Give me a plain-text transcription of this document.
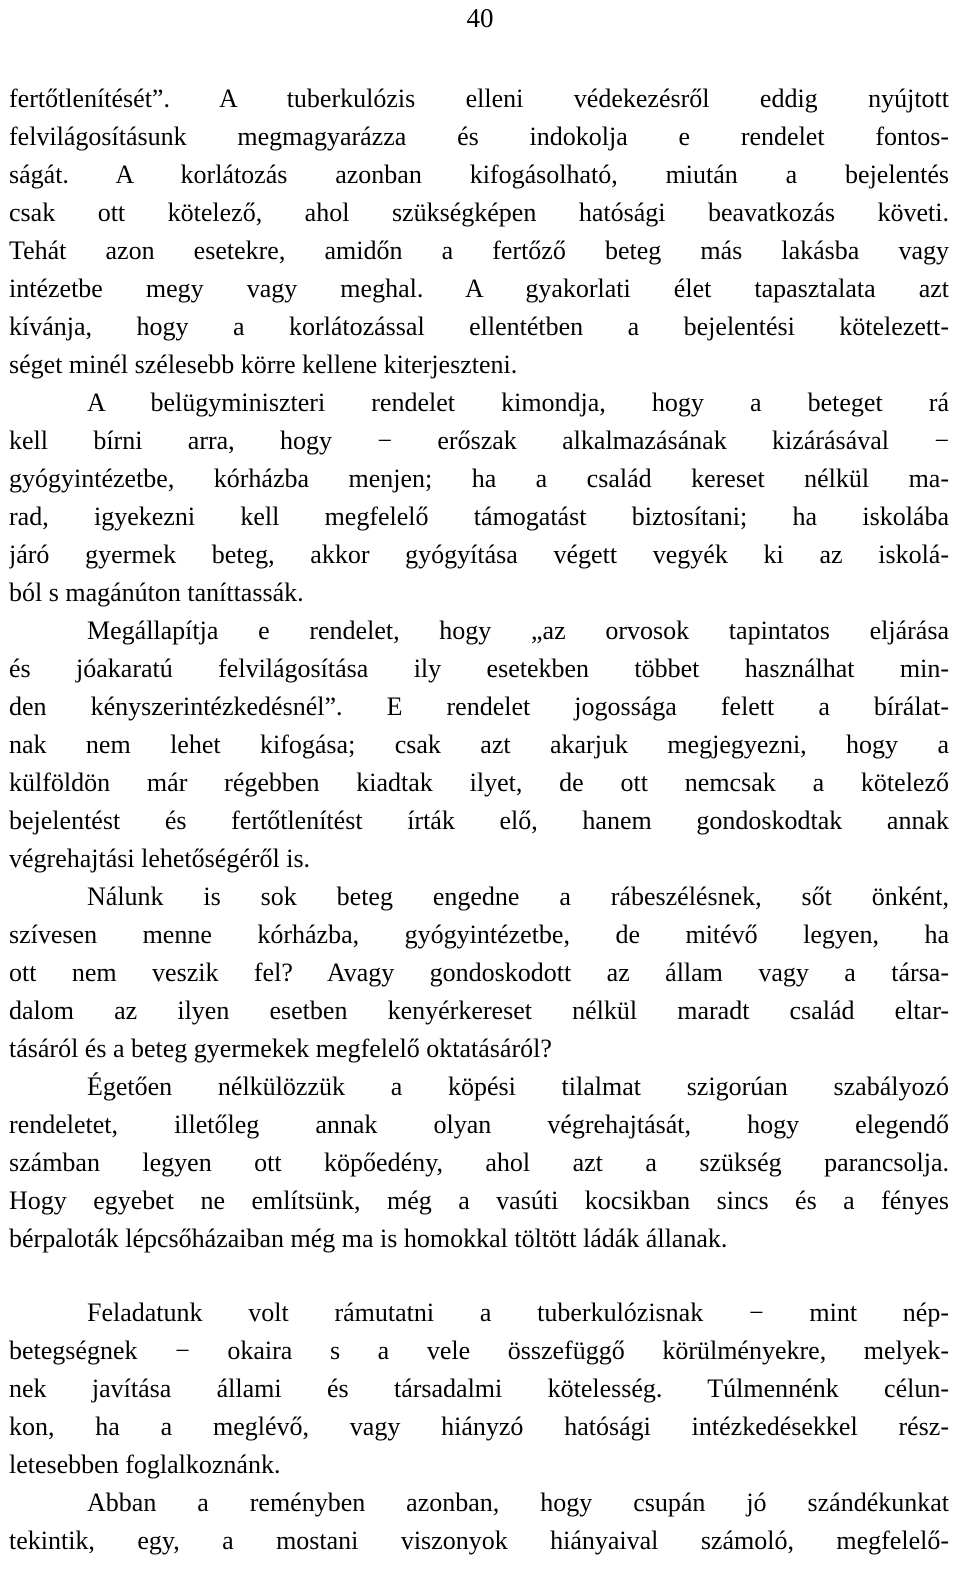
40
fertőtlenítését”. A tuberkulózis elleni védekezésről eddig nyújtott
felvilágosításunk megmagyarázza és indokolja e rendelet fontos-
ságát. A korlátozás azonban kifogásolható, miután a bejelentés
csak ott kötelező, ahol szükségképen hatósági beavatkozás követi.
Tehát azon esetekre, amidőn a fertőző beteg más lakásba vagy
intézetbe megy vagy meghal. A gyakorlati élet tapasztalata azt
kívánja, hogy a korlátozással ellentétben a bejelentési kötelezett-
séget minél szélesebb körre kellene kiterjeszteni.
A belügyminiszteri rendelet kimondja, hogy a beteget rá
kell bírni arra, hogy − erőszak alkalmazásának kizárásával −
gyógyintézetbe, kórházba menjen; ha a család kereset nélkül ma-
rad, igyekezni kell megfelelő támogatást biztosítani; ha iskolába
járó gyermek beteg, akkor gyógyítása végett vegyék ki az iskolá-
ból s magánúton taníttassák.
Megállapítja e rendelet, hogy „az orvosok tapintatos eljárása
és jóakaratú felvilágosítása ily esetekben többet használhat min-
den kényszerintézkedésnél”. E rendelet jogossága felett a bírálat-
nak nem lehet kifogása; csak azt akarjuk megjegyezni, hogy a
külföldön már régebben kiadtak ilyet, de ott nemcsak a kötelező
bejelentést és fertőtlenítést írták elő, hanem gondoskodtak annak
végrehajtási lehetőségéről is.
Nálunk is sok beteg engedne a rábeszélésnek, sőt önként,
szívesen menne kórházba, gyógyintézetbe, de mitévő legyen, ha
ott nem veszik fel? Avagy gondoskodott az állam vagy a társa-
dalom az ilyen esetben kenyérkereset nélkül maradt család eltar-
tásáról és a beteg gyermekek megfelelő oktatásáról?
Égetően nélkülözzük a köpési tilalmat szigorúan szabályozó
rendeletet, illetőleg annak olyan végrehajtását, hogy elegendő
számban legyen ott köpőedény, ahol azt a szükség parancsolja.
Hogy egyebet ne említsünk, még a vasúti kocsikban sincs és a fényes
bérpaloták lépcsőházaiban még ma is homokkal töltött ládák állanak.
Feladatunk volt rámutatni a tuberkulózisnak − mint nép-
betegségnek − okaira s a vele összefüggő körülményekre, melyek-
nek javítása állami és társadalmi kötelesség. Túlmennénk célun-
kon, ha a meglévő, vagy hiányzó hatósági intézkedésekkel rész-
letesebben foglalkoznánk.
Abban a reményben azonban, hogy csupán jó szándékunkat
tekintik, egy, a mostani viszonyok hiányaival számoló, megfelelő-
